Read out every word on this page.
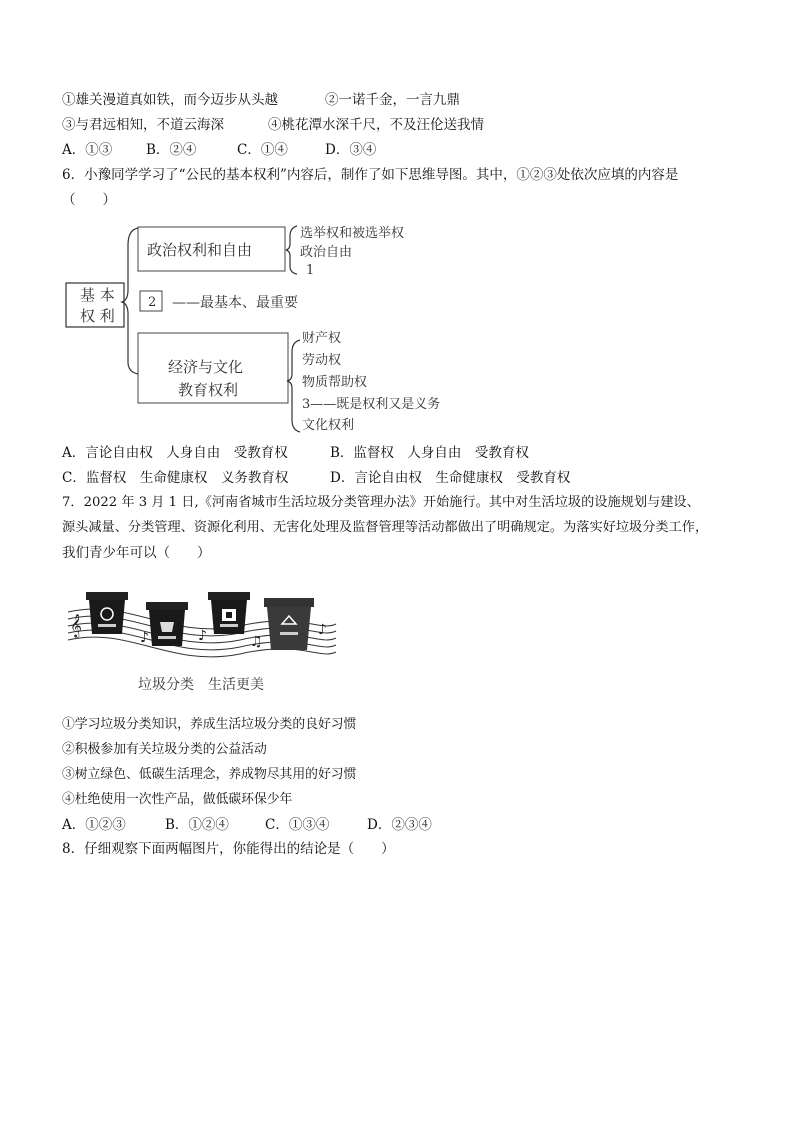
①雄关漫道真如铁，而今迈步从头越	②一诺千金，一言九鼎
③与君远相知，不道云海深	④桃花潭水深千尺，不及汪伦送我情
A．①③	B．②④	C．①④	D．③④
6．小豫同学学习了“公民的基本权利”内容后，制作了如下思维导图。其中，①②③处依次应填的内容是
（　　）
基 本
权 利
政治权利和自由
选举权和被选举权
政治自由
1
2 ——最基本、最重要
经济与文化
教育权利
财产权
劳动权
物质帮助权
3——既是权利又是义务
文化权利
A．言论自由权　人身自由　受教育权	B．监督权　人身自由　受教育权
C．监督权　生命健康权　义务教育权	D．言论自由权　生命健康权　受教育权
7．2022 年 3 月 1 日,《河南省城市生活垃圾分类管理办法》开始施行。其中对生活垃圾的设施规划与建设、
源头减量、分类管理、资源化利用、无害化处理及监督管理等活动都做出了明确规定。为落实好垃圾分类工作，
我们青少年可以（　　）
𝄞
♪	♪	♫
♪
垃圾分类　生活更美
①学习垃圾分类知识，养成生活垃圾分类的良好习惯
②积极参加有关垃圾分类的公益活动
③树立绿色、低碳生活理念，养成物尽其用的好习惯
④杜绝使用一次性产品，做低碳环保少年
A．①②③	B．①②④	C．①③④	D．②③④
8．仔细观察下面两幅图片，你能得出的结论是（　　）
